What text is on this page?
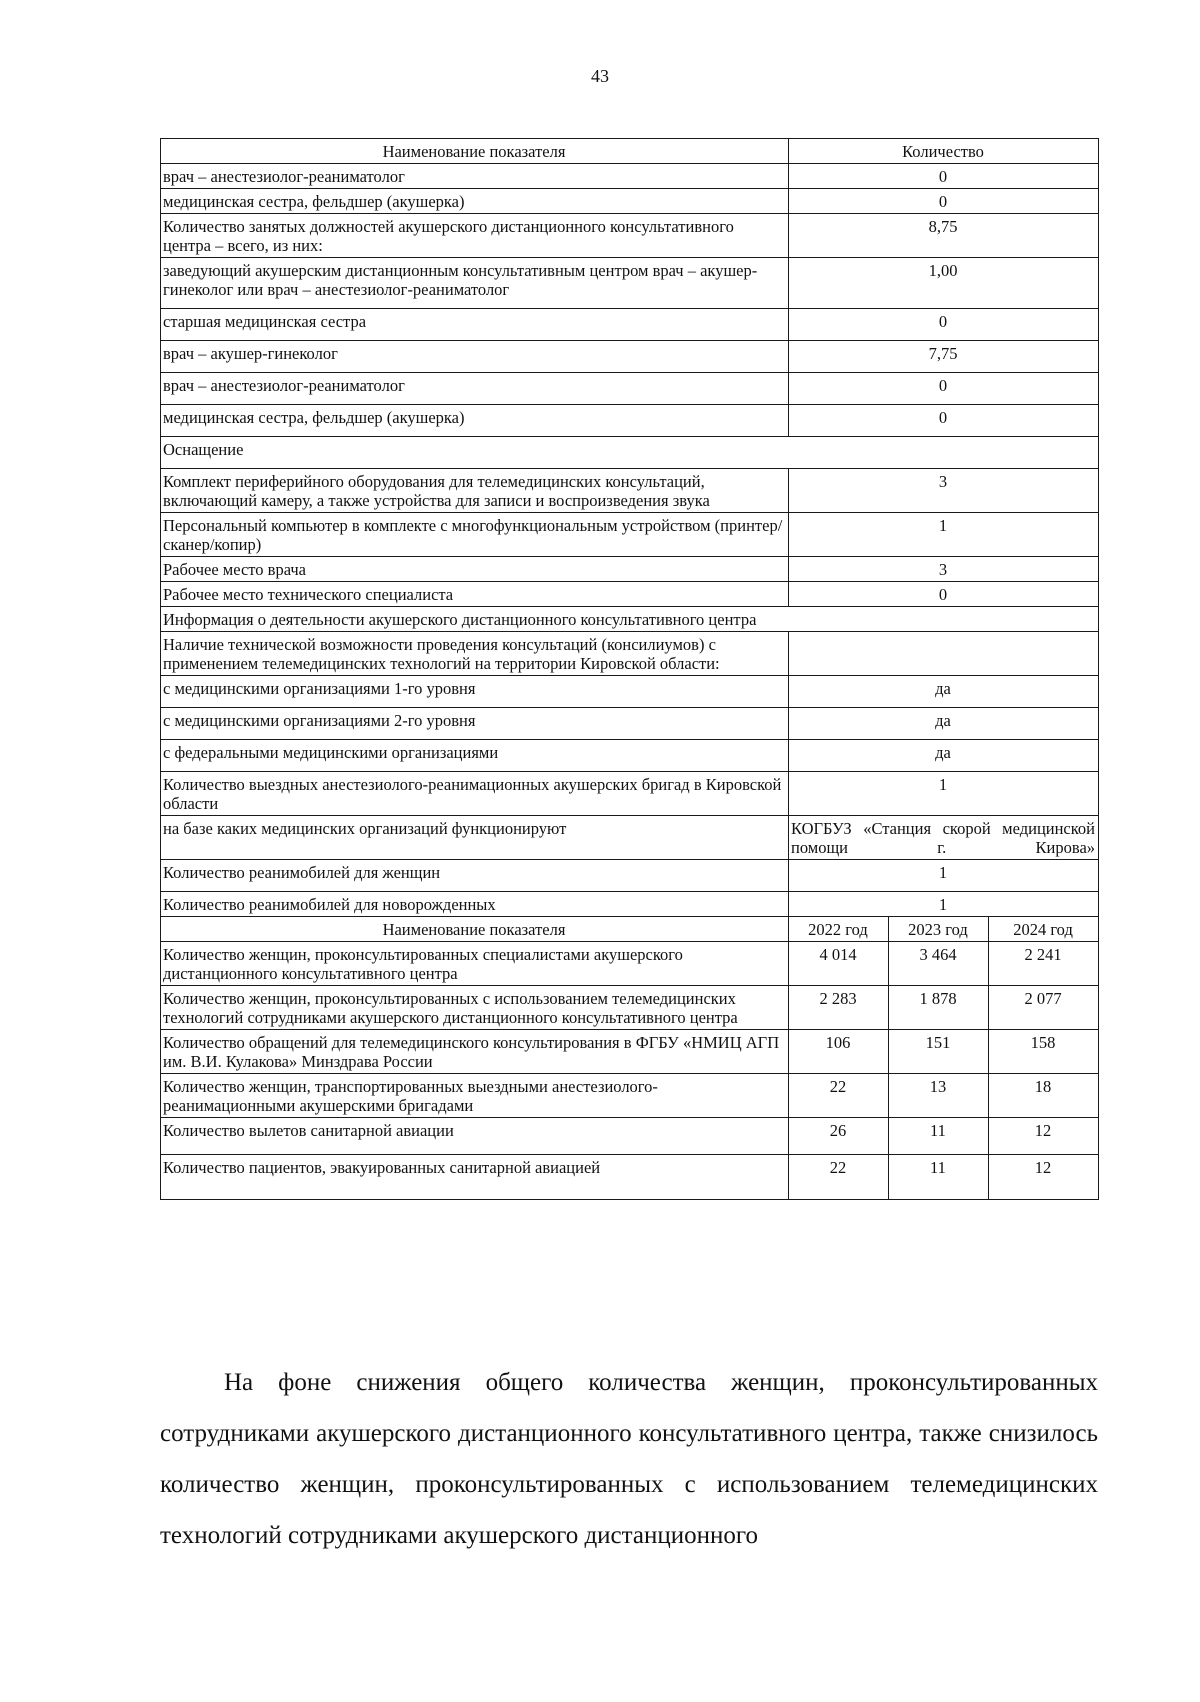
43
Наименование показателя	Количество		
врач – анестезиолог-реаниматолог	0		
медицинская сестра, фельдшер (акушерка)	0		
Количество занятых должностей акушерского дистанционного консультативного центра – всего, из них:	8,75		
заведующий акушерским дистанционным консультативным центром врач – акушер-гинеколог или врач – анестезиолог-реаниматолог	1,00		
старшая медицинская сестра	0		
врач – акушер-гинеколог	7,75		
врач – анестезиолог-реаниматолог	0		
медицинская сестра, фельдшер (акушерка)	0		
Оснащение			
Комплект периферийного оборудования для телемедицинских консультаций, включающий камеру, а также устройства для записи и воспроизведения звука	3		
Персональный компьютер в комплекте с многофункциональным устройством (принтер/сканер/копир)	1		
Рабочее место врача	3		
Рабочее место технического специалиста	0		
Информация о деятельности акушерского дистанционного консультативного центра			
Наличие технической возможности проведения консультаций (консилиумов) с применением телемедицинских технологий на территории Кировской области:			
с медицинскими организациями 1-го уровня	да		
с медицинскими организациями 2-го уровня	да		
с федеральными медицинскими организациями	да		
Количество выездных анестезиолого-реанимационных акушерских бригад в Кировской области	1		
на базе каких медицинских организаций функционируют	КОГБУЗ «Станция скорой медицинской помощи г. Кирова»		
Количество реанимобилей для женщин	1		
Количество реанимобилей для новорожденных	1		
Наименование показателя	2022 год	2023 год	2024 год
Количество женщин, проконсультированных специалистами акушерского дистанционного консультативного центра	4 014	3 464	2 241
Количество женщин, проконсультированных с использованием телемедицинских технологий сотрудниками акушерского дистанционного консультативного центра	2 283	1 878	2 077
Количество обращений для телемедицинского консультирования в ФГБУ «НМИЦ АГП им. В.И. Кулакова» Минздрава России	106	151	158
Количество женщин, транспортированных выездными анестезиолого-реанимационными акушерскими бригадами	22	13	18
Количество вылетов санитарной авиации	26	11	12
Количество пациентов, эвакуированных санитарной авиацией	22	11	12

На фоне снижения общего количества женщин, проконсультированных сотрудниками акушерского дистанционного консультативного центра, также снизилось количество женщин, проконсультированных с использованием телемедицинских технологий сотрудниками акушерского дистанционного
